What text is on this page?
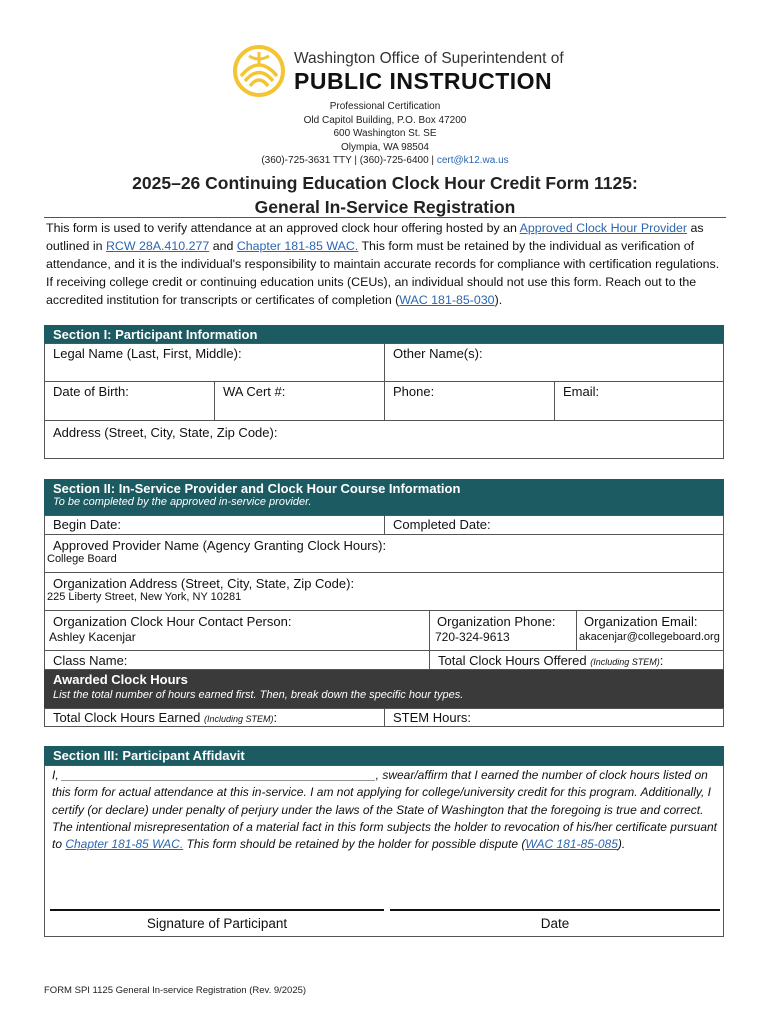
Washington Office of Superintendent of
PUBLIC INSTRUCTION
Professional Certification
Old Capitol Building, P.O. Box 47200
600 Washington St. SE
Olympia, WA 98504
(360)-725-3631 TTY | (360)-725-6400 | cert@k12.wa.us
2025–26 Continuing Education Clock Hour Credit Form 1125:
General In-Service Registration
This form is used to verify attendance at an approved clock hour offering hosted by an Approved Clock Hour Provider as outlined in RCW 28A.410.277 and Chapter 181-85 WAC. This form must be retained by the individual as verification of attendance, and it is the individual's responsibility to maintain accurate records for compliance with certification regulations. If receiving college credit or continuing education units (CEUs), an individual should not use this form. Reach out to the accredited institution for transcripts or certificates of completion (WAC 181-85-030).
Section I: Participant Information
Legal Name (Last, First, Middle):	Other Name(s):
Date of Birth:	WA Cert #:	Phone:	Email:
Address (Street, City, State, Zip Code):
Section II: In-Service Provider and Clock Hour Course Information
To be completed by the approved in-service provider.
Begin Date:	Completed Date:
Approved Provider Name (Agency Granting Clock Hours):
College Board
Organization Address (Street, City, State, Zip Code):
225 Liberty Street, New York, NY 10281
Organization Clock Hour Contact Person:
Ashley Kacenjar
Organization Phone:
720-324-9613
Organization Email:
akacenjar@collegeboard.org
Class Name:	Total Clock Hours Offered (Including STEM):
Awarded Clock Hours
List the total number of hours earned first. Then, break down the specific hour types.
Total Clock Hours Earned (Including STEM):	STEM Hours:
Section III: Participant Affidavit
I, _______________________________________________, swear/affirm that I earned the number of clock hours listed on this form for actual attendance at this in-service. I am not applying for college/university credit for this program. Additionally, I certify (or declare) under penalty of perjury under the laws of the State of Washington that the foregoing is true and correct. The intentional misrepresentation of a material fact in this form subjects the holder to revocation of his/her certificate pursuant to Chapter 181-85 WAC. This form should be retained by the holder for possible dispute (WAC 181-85-085).
Signature of Participant	Date
FORM SPI 1125 General In-service Registration (Rev. 9/2025)
